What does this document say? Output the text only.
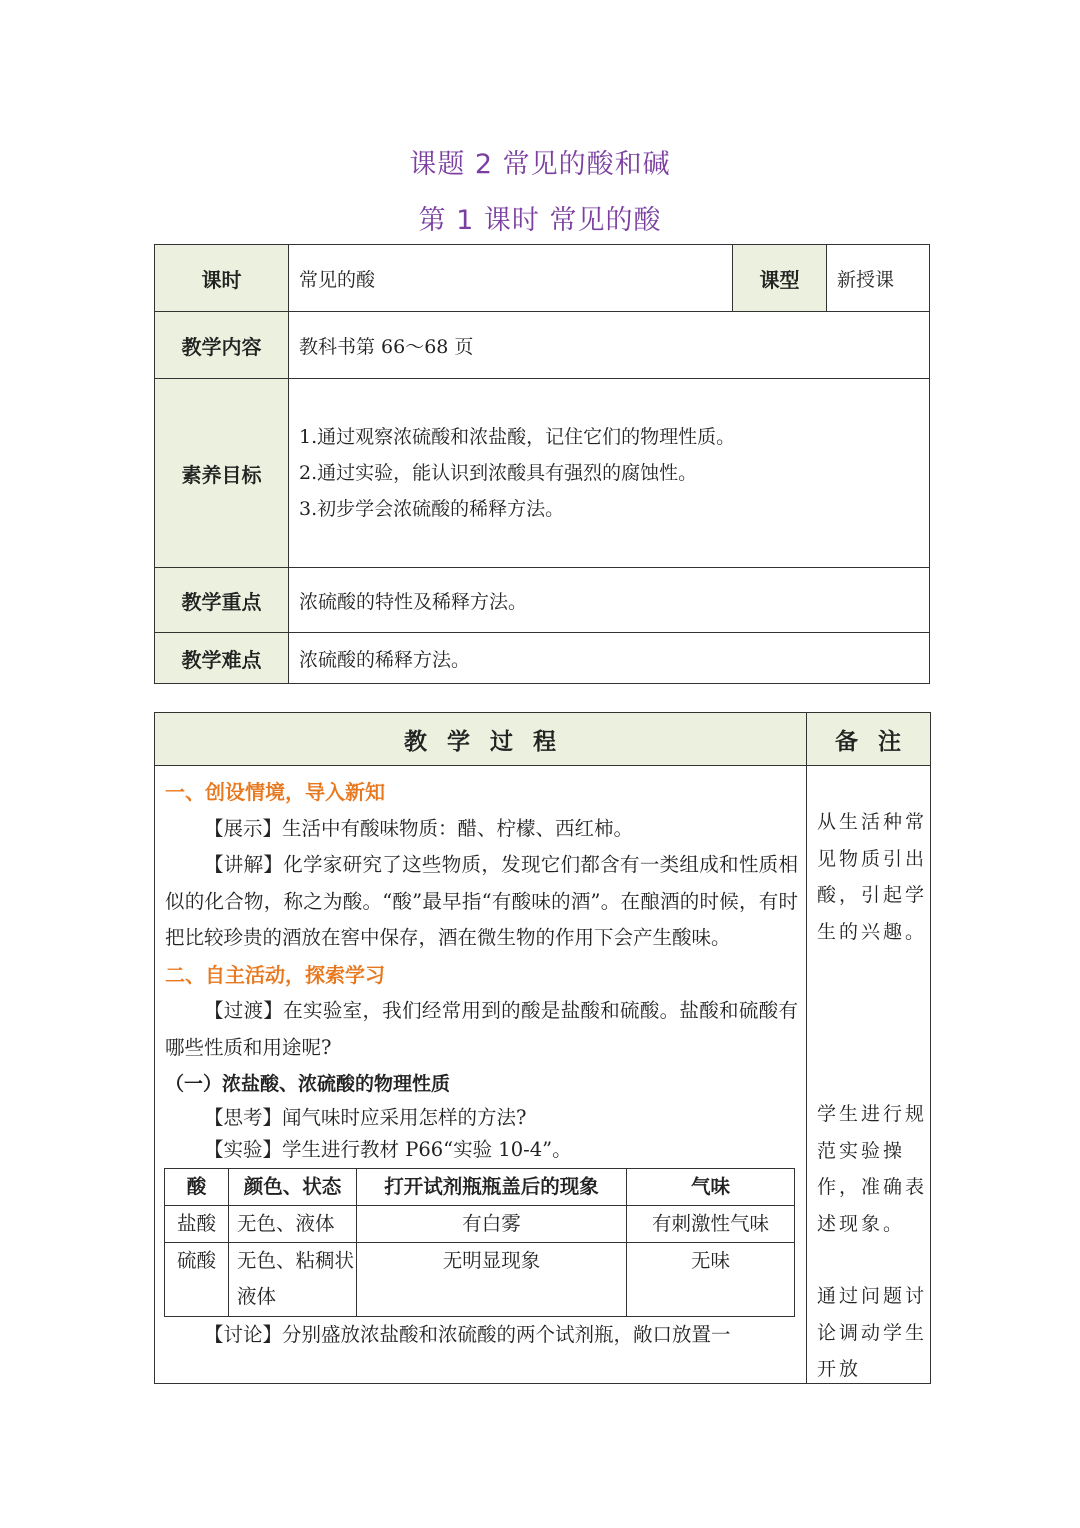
课题 2 常见的酸和碱
第 1 课时 常见的酸
课时	常见的酸	课型	新授课
教学内容	教科书第 66～68 页		
素养目标	1.通过观察浓硫酸和浓盐酸，记住它们的物理性质。
2.通过实验，能认识到浓酸具有强烈的腐蚀性。
3.初步学会浓硫酸的稀释方法。		

教学重点	浓硫酸的特性及稀释方法。		
教学难点	浓硫酸的稀释方法。		
教学过程	备注

一、创设情境，导入新知

【展示】生活中有酸味物质：醋、柠檬、西红柿。

【讲解】化学家研究了这些物质，发现它们都含有一类组成和性质相似的化合物，称之为酸。“酸”最早指“有酸味的酒”。在酿酒的时候，有时把比较珍贵的酒放在窖中保存，酒在微生物的作用下会产生酸味。

二、自主活动，探索学习

【过渡】在实验室，我们经常用到的酸是盐酸和硫酸。盐酸和硫酸有哪些性质和用途呢?

（一）浓盐酸、浓硫酸的物理性质

【思考】闻气味时应采用怎样的方法?

【实验】学生进行教材 P66“实验 10-4”。

酸	颜色、状态	打开试剂瓶瓶盖后的现象	气味
盐酸	无色、液体	有白雾	有刺激性气味
硫酸	无色、粘稠状液体	无明显现象	无味

【讨论】分别盛放浓盐酸和浓硫酸的两个试剂瓶，敞口放置一

从生活种常见物质引出酸，引起学生的兴趣。
学生进行规范实验操作，准确表述现象。
通过问题讨论调动学生开放
